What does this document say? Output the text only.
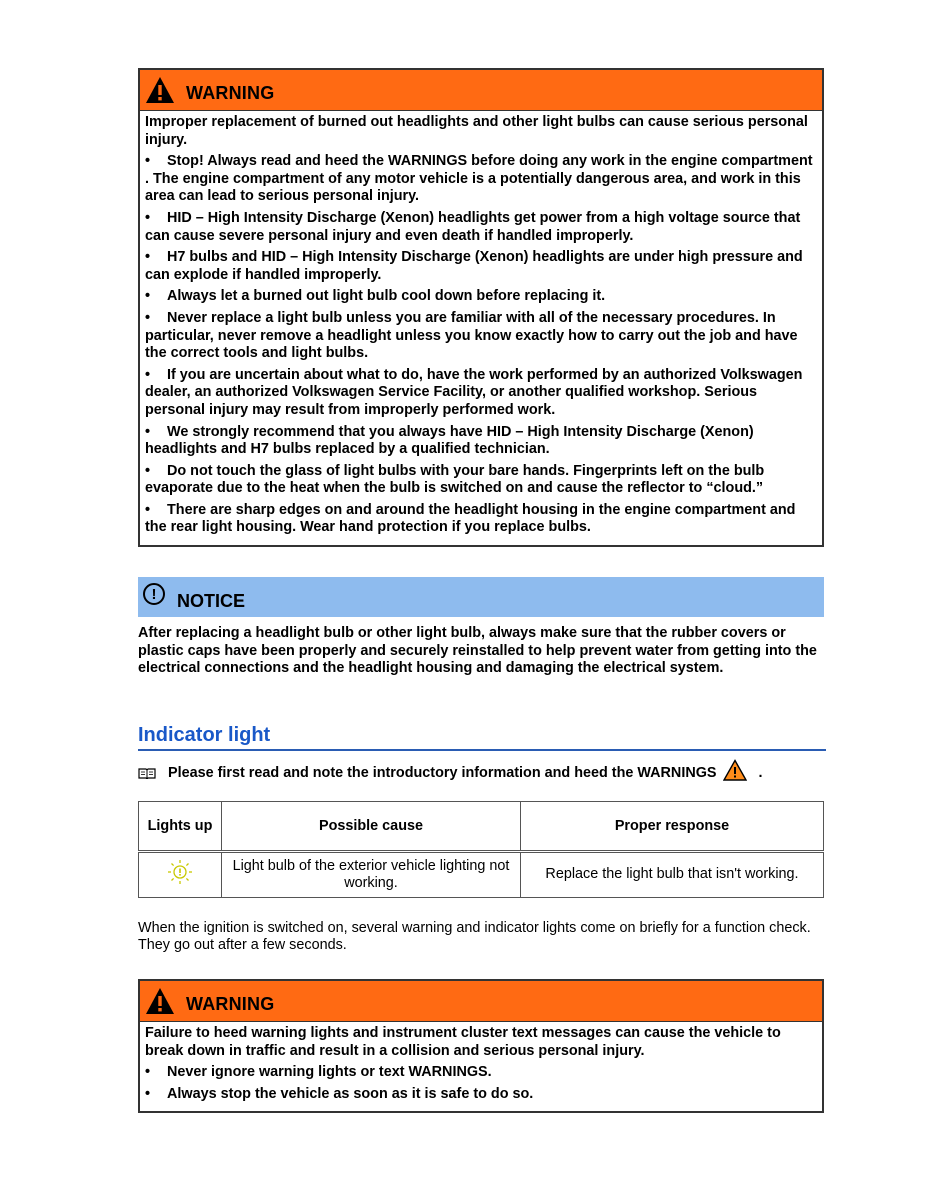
WARNING

Improper replacement of burned out headlights and other light bulbs can cause serious personal injury.

• Stop! Always read and heed the WARNINGS before doing any work in the engine compartment . The engine compartment of any motor vehicle is a potentially dangerous area, and work in this area can lead to serious personal injury.
• HID – High Intensity Discharge (Xenon) headlights get power from a high voltage source that can cause severe personal injury and even death if handled improperly.
• H7 bulbs and HID – High Intensity Discharge (Xenon) headlights are under high pressure and can explode if handled improperly.
• Always let a burned out light bulb cool down before replacing it.
• Never replace a light bulb unless you are familiar with all of the necessary procedures. In particular, never remove a headlight unless you know exactly how to carry out the job and have the correct tools and light bulbs.
• If you are uncertain about what to do, have the work performed by an authorized Volkswagen dealer, an authorized Volkswagen Service Facility, or another qualified workshop. Serious personal injury may result from improperly performed work.
• We strongly recommend that you always have HID – High Intensity Discharge (Xenon) headlights and H7 bulbs replaced by a qualified technician.
• Do not touch the glass of light bulbs with your bare hands. Fingerprints left on the bulb evaporate due to the heat when the bulb is switched on and cause the reflector to “cloud.”
• There are sharp edges on and around the headlight housing in the engine compartment and the rear light housing. Wear hand protection if you replace bulbs.
!	NOTICE
After replacing a headlight bulb or other light bulb, always make sure that the rubber covers or plastic caps have been properly and securely reinstalled to help prevent water from getting into the electrical connections and the headlight housing and damaging the electrical system.
Indicator light
Please first read and note the introductory information and heed the WARNINGS	.
Lights up	Possible cause	Proper response
	Light bulb of the exterior vehicle lighting not working.	Replace the light bulb that isn't working.
When the ignition is switched on, several warning and indicator lights come on briefly for a function check. They go out after a few seconds.
WARNING

Failure to heed warning lights and instrument cluster text messages can cause the vehicle to break down in traffic and result in a collision and serious personal injury.

• Never ignore warning lights or text WARNINGS.
• Always stop the vehicle as soon as it is safe to do so.
